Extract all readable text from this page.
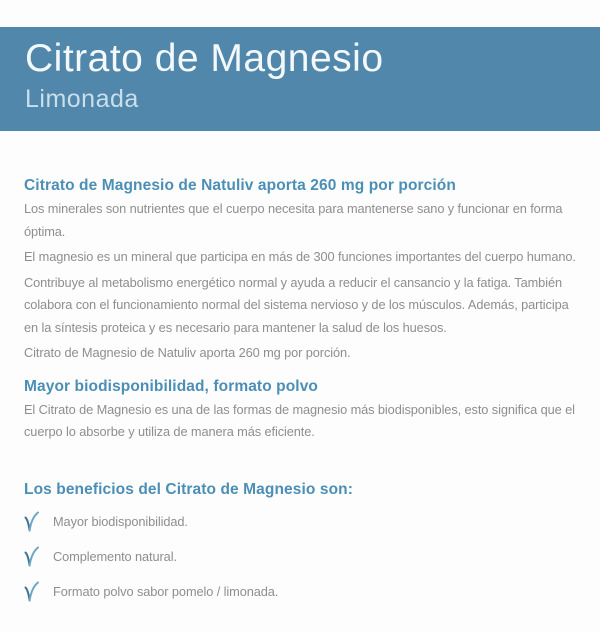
Citrato de Magnesio
Limonada
Citrato de Magnesio de Natuliv aporta 260 mg por porción

Los minerales son nutrientes que el cuerpo necesita para mantenerse sano y funcionar en forma óptima.

El magnesio es un mineral que participa en más de 300 funciones importantes del cuerpo humano.

Contribuye al metabolismo energético normal y ayuda a reducir el cansancio y la fatiga. También colabora con el funcionamiento normal del sistema nervioso y de los músculos. Además, participa en la síntesis proteica y es necesario para mantener la salud de los huesos.

Citrato de Magnesio de Natuliv aporta 260 mg por porción.

Mayor biodisponibilidad, formato polvo

El Citrato de Magnesio es una de las formas de magnesio más biodisponibles, esto significa que el cuerpo lo absorbe y utiliza de manera más eficiente.

Los beneficios del Citrato de Magnesio son:
Mayor biodisponibilidad.
Complemento natural.
Formato polvo sabor pomelo / limonada.
